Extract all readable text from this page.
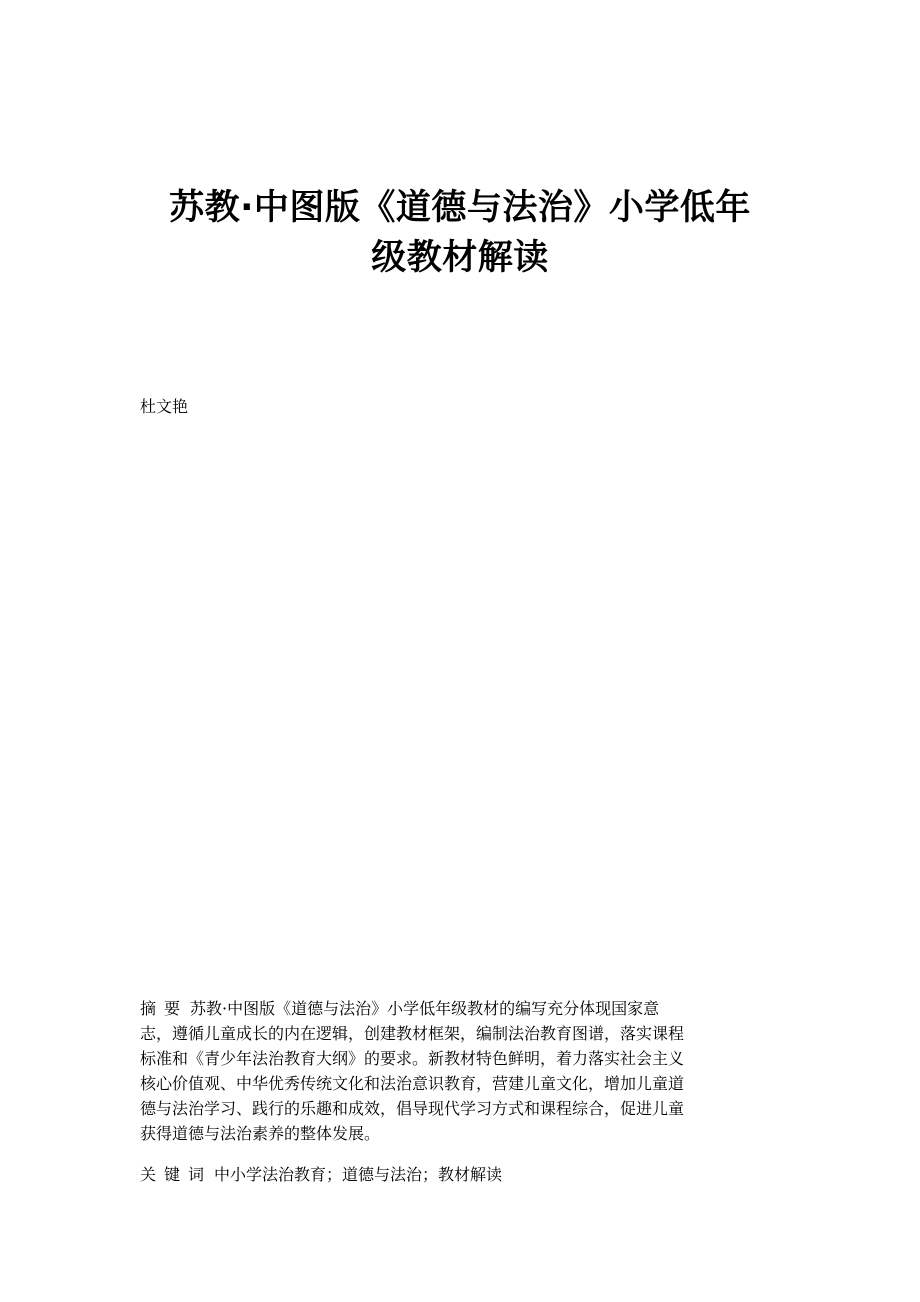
苏教·中图版《道德与法治》小学低年
级教材解读
杜文艳
摘要 苏教·中图版《道德与法治》小学低年级教材的编写充分体现国家意
志，遵循儿童成长的内在逻辑，创建教材框架，编制法治教育图谱，落实课程
标准和《青少年法治教育大纲》的要求。新教材特色鲜明，着力落实社会主义
核心价值观、中华优秀传统文化和法治意识教育，营建儿童文化，增加儿童道
德与法治学习、践行的乐趣和成效，倡导现代学习方式和课程综合，促进儿童
获得道德与法治素养的整体发展。
关键词 中小学法治教育；道德与法治；教材解读
